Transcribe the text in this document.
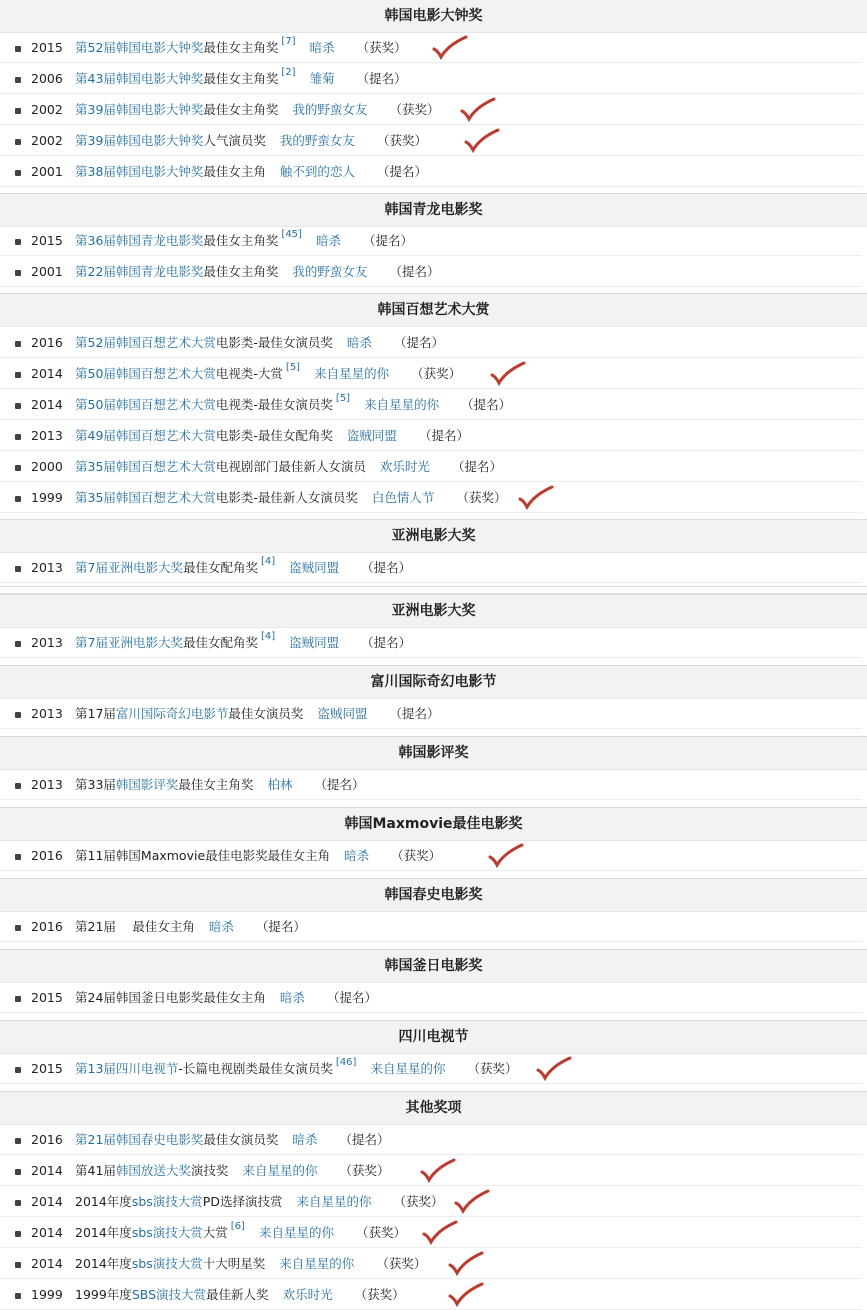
韩国电影大钟奖
2015 第52届韩国电影大钟奖最佳女主角奖 [7] 暗杀 （获奖）
2006 第43届韩国电影大钟奖最佳女主角奖 [2] 雏菊 （提名）
2002 第39届韩国电影大钟奖最佳女主角奖 我的野蛮女友 （获奖）
2002 第39届韩国电影大钟奖人气演员奖 我的野蛮女友 （获奖）
2001 第38届韩国电影大钟奖最佳女主角 触不到的恋人 （提名）
韩国青龙电影奖
2015 第36届韩国青龙电影奖最佳女主角奖 [45] 暗杀 （提名）
2001 第22届韩国青龙电影奖最佳女主角奖 我的野蛮女友 （提名）
韩国百想艺术大赏
2016 第52届韩国百想艺术大赏电影类-最佳女演员奖 暗杀 （提名）
2014 第50届韩国百想艺术大赏电视类-大赏 [5] 来自星星的你 （获奖）
2014 第50届韩国百想艺术大赏电视类-最佳女演员奖 [5] 来自星星的你 （提名）
2013 第49届韩国百想艺术大赏电影类-最佳女配角奖 盗贼同盟 （提名）
2000 第35届韩国百想艺术大赏电视剧部门最佳新人女演员 欢乐时光 （提名）
1999 第35届韩国百想艺术大赏电影类-最佳新人女演员奖 白色情人节 （获奖）
亚洲电影大奖
2013 第7届亚洲电影大奖最佳女配角奖 [4] 盗贼同盟 （提名）
亚洲电影大奖
2013 第7届亚洲电影大奖最佳女配角奖 [4] 盗贼同盟 （提名）
富川国际奇幻电影节
2013 第17届富川国际奇幻电影节最佳女演员奖 盗贼同盟 （提名）
韩国影评奖
2013 第33届韩国影评奖最佳女主角奖 柏林 （提名）
韩国Maxmovie最佳电影奖
2016 第11届韩国Maxmovie最佳电影奖最佳女主角 暗杀 （获奖）
韩国春史电影奖
2016 第21届　 最佳女主角 暗杀 （提名）
韩国釜日电影奖
2015 第24届韩国釜日电影奖最佳女主角 暗杀 （提名）
四川电视节
2015 第13届四川电视节-长篇电视剧类最佳女演员奖 [46] 来自星星的你 （获奖）
其他奖项
2016 第21届韩国春史电影奖最佳女演员奖 暗杀 （提名）
2014 第41届韩国放送大奖演技奖 来自星星的你 （获奖）
2014 2014年度sbs演技大赏PD选择演技赏 来自星星的你 （获奖）
2014 2014年度sbs演技大赏大赏 [6] 来自星星的你 （获奖）
2014 2014年度sbs演技大赏十大明星奖 来自星星的你 （获奖）
1999 1999年度SBS演技大赏最佳新人奖 欢乐时光 （获奖）
